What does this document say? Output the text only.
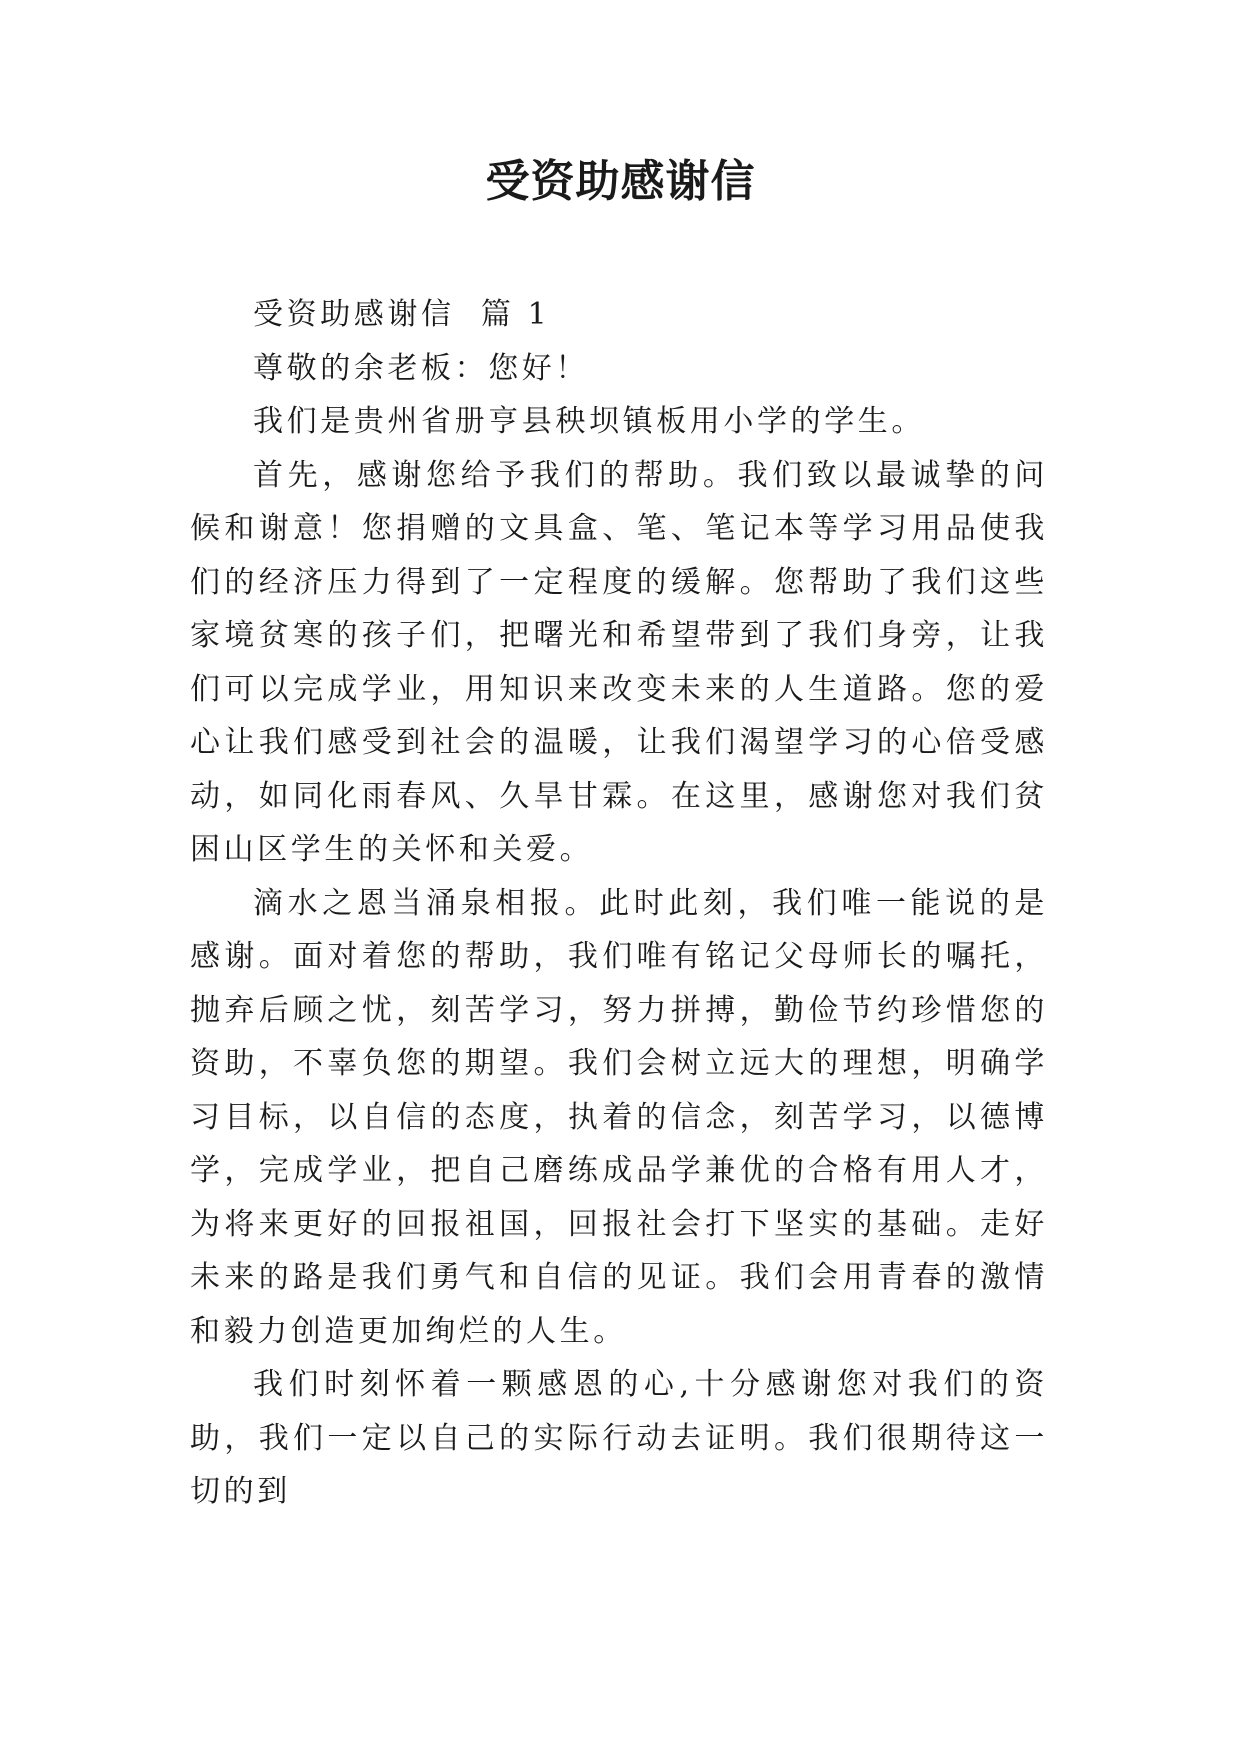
受资助感谢信

受资助感谢信  篇 1

尊敬的余老板：您好！

我们是贵州省册亨县秧坝镇板用小学的学生。

首先，感谢您给予我们的帮助。我们致以最诚挚的问候和谢意！您捐赠的文具盒、笔、笔记本等学习用品使我们的经济压力得到了一定程度的缓解。您帮助了我们这些家境贫寒的孩子们，把曙光和希望带到了我们身旁，让我们可以完成学业，用知识来改变未来的人生道路。您的爱心让我们感受到社会的温暖，让我们渴望学习的心倍受感动，如同化雨春风、久旱甘霖。在这里，感谢您对我们贫困山区学生的关怀和关爱。

滴水之恩当涌泉相报。此时此刻，我们唯一能说的是感谢。面对着您的帮助，我们唯有铭记父母师长的嘱托，抛弃后顾之忧，刻苦学习，努力拼搏，勤俭节约珍惜您的资助，不辜负您的期望。我们会树立远大的理想，明确学习目标，以自信的态度，执着的信念，刻苦学习，以德博学，完成学业，把自己磨练成品学兼优的合格有用人才，为将来更好的回报祖国，回报社会打下坚实的基础。走好未来的路是我们勇气和自信的见证。我们会用青春的激情和毅力创造更加绚烂的人生。

我们时刻怀着一颗感恩的心,十分感谢您对我们的资助，我们一定以自己的实际行动去证明。我们很期待这一切的到
